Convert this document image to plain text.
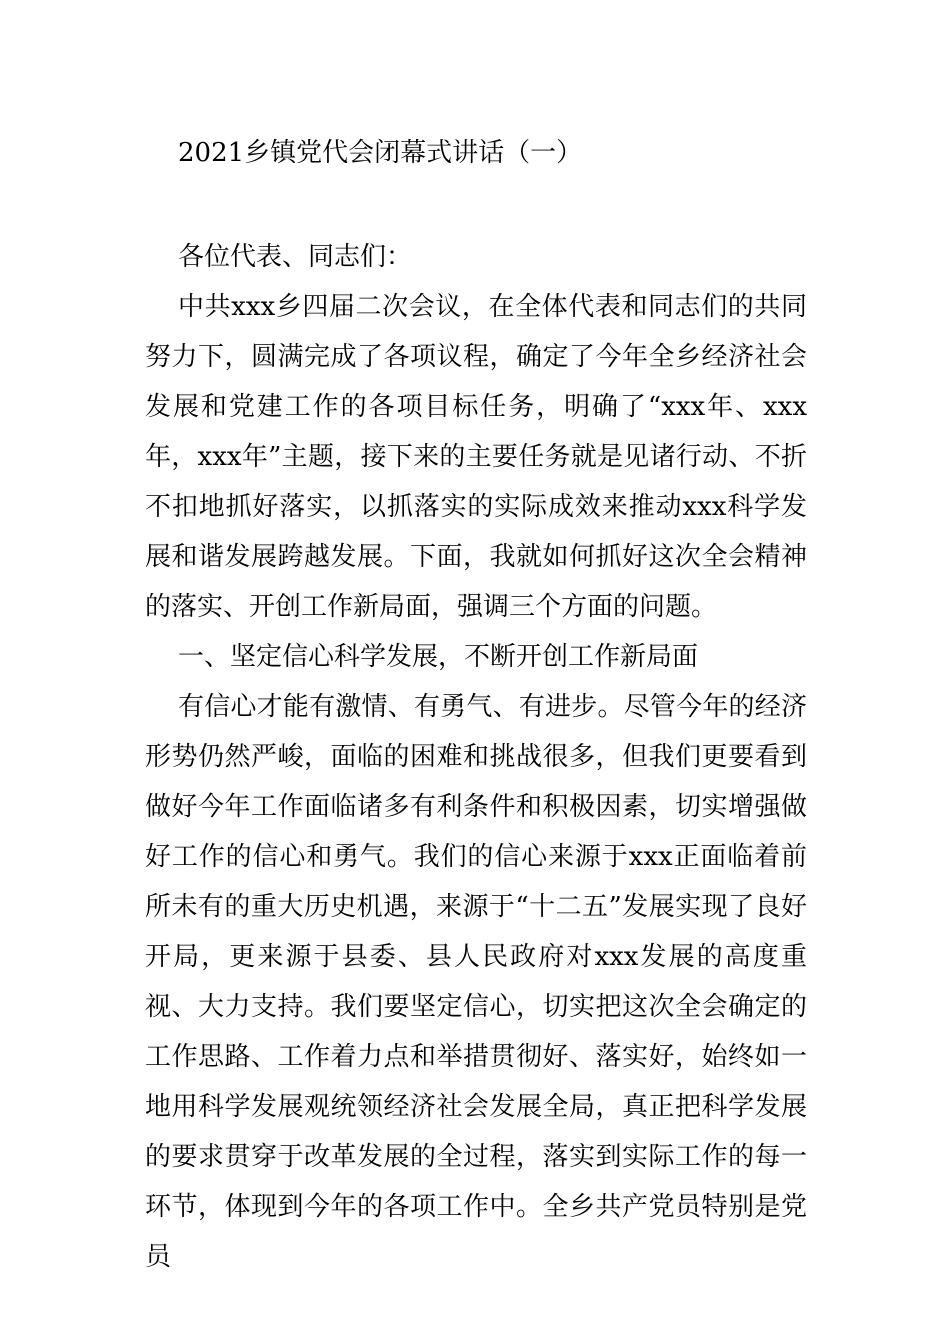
2021乡镇党代会闭幕式讲话（一）

各位代表、同志们：

中共xxx乡四届二次会议，在全体代表和同志们的共同努力下，圆满完成了各项议程，确定了今年全乡经济社会发展和党建工作的各项目标任务，明确了“xxx年、xxx年，xxx年”主题，接下来的主要任务就是见诸行动、不折不扣地抓好落实，以抓落实的实际成效来推动xxx科学发展和谐发展跨越发展。下面，我就如何抓好这次全会精神的落实、开创工作新局面，强调三个方面的问题。

一、坚定信心科学发展，不断开创工作新局面

有信心才能有激情、有勇气、有进步。尽管今年的经济形势仍然严峻，面临的困难和挑战很多，但我们更要看到做好今年工作面临诸多有利条件和积极因素，切实增强做好工作的信心和勇气。我们的信心来源于xxx正面临着前所未有的重大历史机遇，来源于“十二五”发展实现了良好开局，更来源于县委、县人民政府对xxx发展的高度重视、大力支持。我们要坚定信心，切实把这次全会确定的工作思路、工作着力点和举措贯彻好、落实好，始终如一地用科学发展观统领经济社会发展全局，真正把科学发展的要求贯穿于改革发展的全过程，落实到实际工作的每一环节，体现到今年的各项工作中。全乡共产党员特别是党员
